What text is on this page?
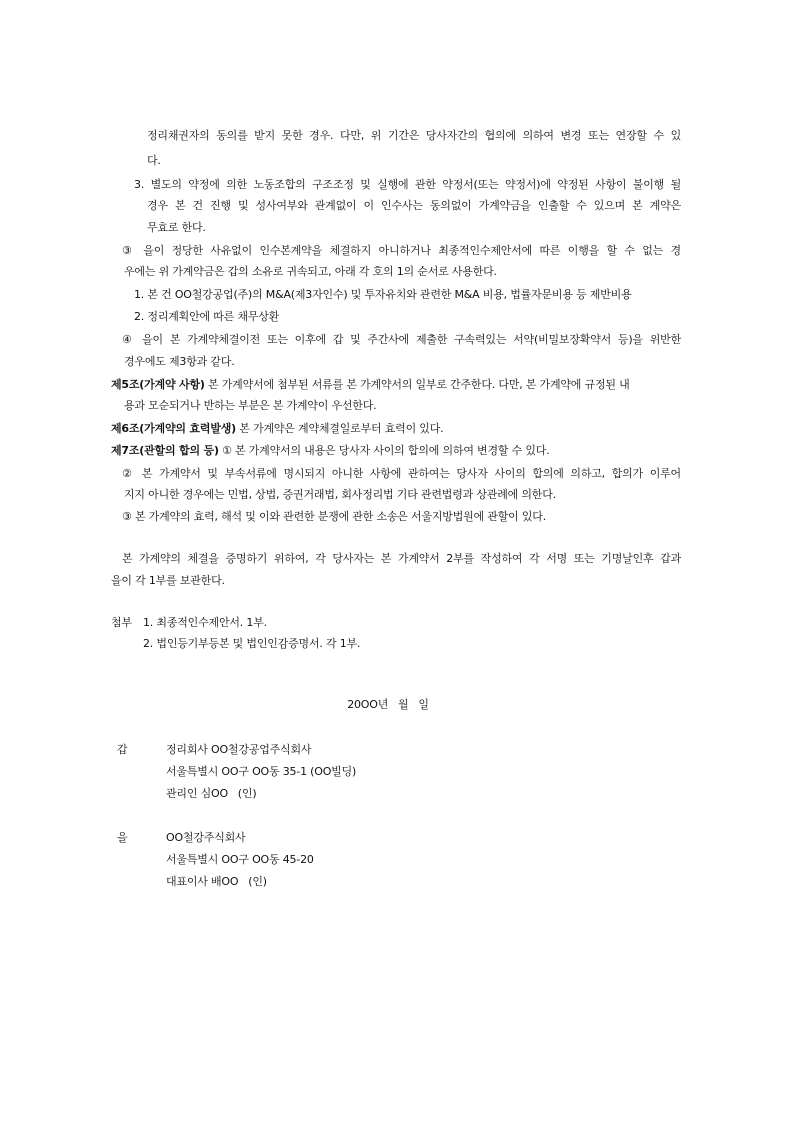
정리채권자의 동의를 받지 못한 경우. 다만, 위 기간은 당사자간의 협의에 의하여 변경 또는 연장할 수 있
다.
3. 별도의 약정에 의한 노동조합의 구조조정 및 실행에 관한 약정서(또는 약정서)에 약정된 사항이 불이행 될
경우 본 건 진행 및 성사여부와 관계없이 이 인수사는 동의없이 가계약금을 인출할 수 있으며 본 계약은
무효로 한다.
③ 을이 정당한 사유없이 인수본계약을 체결하지 아니하거나 최종적인수제안서에 따른 이행을 할 수 없는 경
우에는 위 가계약금은 갑의 소유로 귀속되고, 아래 각 호의 1의 순서로 사용한다.
1. 본 건 OO철강공업(주)의 M&A(제3자인수) 및 투자유치와 관련한 M&A 비용, 법률자문비용 등 제반비용
2. 정리계획안에 따른 채무상환
④ 을이 본 가계약체결이전 또는 이후에 갑 및 주간사에 제출한 구속력있는 서약(비밀보장확약서 등)을 위반한
경우에도 제3항과 같다.
제5조(가계약 사항) 본 가계약서에 첨부된 서류를 본 가계약서의 일부로 간주한다. 다만, 본 가계약에 규정된 내
용과 모순되거나 반하는 부분은 본 가계약이 우선한다.
제6조(가계약의 효력발생) 본 가계약은 계약체결일로부터 효력이 있다.
제7조(관할의 합의 등) ① 본 가계약서의 내용은 당사자 사이의 합의에 의하여 변경할 수 있다.
② 본 가계약서 및 부속서류에 명시되지 아니한 사항에 관하여는 당사자 사이의 합의에 의하고, 합의가 이루어
지지 아니한 경우에는 민법, 상법, 증권거래법, 회사정리법 기타 관련법령과 상관례에 의한다.
③ 본 가계약의 효력, 해석 및 이와 관련한 분쟁에 관한 소송은 서울지방법원에 관할이 있다.
본 가계약의 체결을 증명하기 위하여, 각 당사자는 본 가계약서 2부를 작성하여 각 서명 또는 기명날인후 갑과
을이 각 1부를 보관한다.
첨부 1. 최종적인수제안서. 1부.
2. 법인등기부등본 및 법인인감증명서. 각 1부.
20OO년   월   일
갑	정리회사 OO철강공업주식회사
서울특별시 OO구 OO동 35-1 (OO빌딩)
관리인 심OO   (인)
을	OO철강주식회사
서울특별시 OO구 OO동 45-20
대표이사 배OO   (인)
